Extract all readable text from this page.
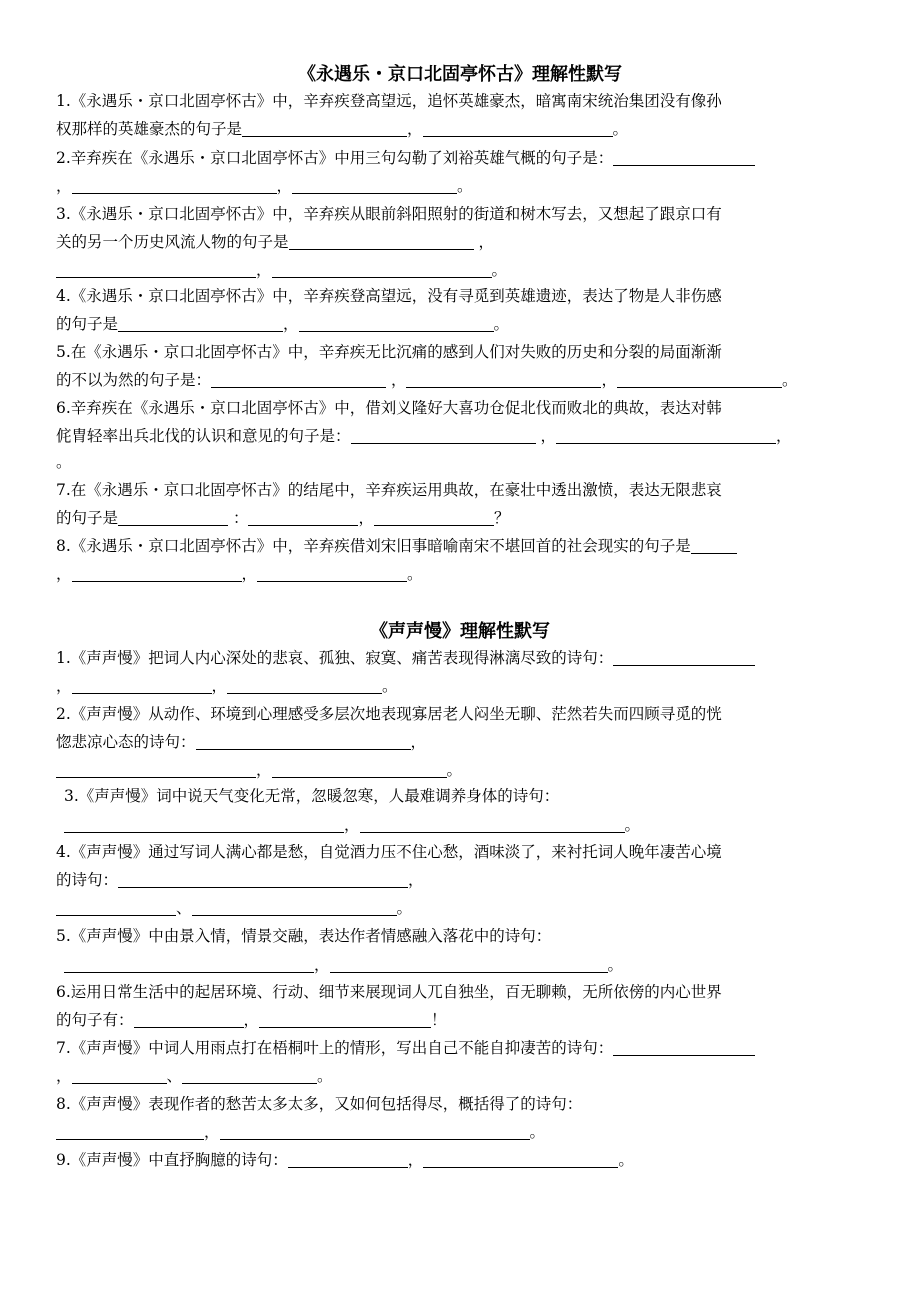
《永遇乐・京口北固亭怀古》理解性默写
1.《永遇乐・京口北固亭怀古》中，辛弃疾登高望远，追怀英雄豪杰，暗寓南宋统治集团没有像孙
权那样的英雄豪杰的句子是	，	。
2.辛弃疾在《永遇乐・京口北固亭怀古》中用三句勾勒了刘裕英雄气概的句子是：
，	，	。
3.《永遇乐・京口北固亭怀古》中，辛弃疾从眼前斜阳照射的街道和树木写去，又想起了跟京口有
关的另一个历史风流人物的句子是	，
，	。
4.《永遇乐・京口北固亭怀古》中，辛弃疾登高望远，没有寻觅到英雄遗迹，表达了物是人非伤感
的句子是	，	。
5.在《永遇乐・京口北固亭怀古》中，辛弃疾无比沉痛的感到人们对失败的历史和分裂的局面渐渐
的不以为然的句子是：	，	，	。
6.辛弃疾在《永遇乐・京口北固亭怀古》中，借刘义隆好大喜功仓促北伐而败北的典故，表达对韩
侂胄轻率出兵北伐的认识和意见的句子是：	，	，
。
7.在《永遇乐・京口北固亭怀古》的结尾中，辛弃疾运用典故，在豪壮中透出激愤，表达无限悲哀
的句子是	：	，	？
8.《永遇乐・京口北固亭怀古》中，辛弃疾借刘宋旧事暗喻南宋不堪回首的社会现实的句子是
，	，	。
《声声慢》理解性默写
1.《声声慢》把词人内心深处的悲哀、孤独、寂寞、痛苦表现得淋漓尽致的诗句：
，	，	。
2.《声声慢》从动作、环境到心理感受多层次地表现寡居老人闷坐无聊、茫然若失而四顾寻觅的恍
惚悲凉心态的诗句：	，
，	。
3.《声声慢》词中说天气变化无常，忽暖忽寒，人最难调养身体的诗句：
，	。
4.《声声慢》通过写词人满心都是愁，自觉酒力压不住心愁，酒味淡了，来衬托词人晚年凄苦心境
的诗句：	，
、	。
5.《声声慢》中由景入情，情景交融，表达作者情感融入落花中的诗句：
，	。
6.运用日常生活中的起居环境、行动、细节来展现词人兀自独坐，百无聊赖，无所依傍的内心世界
的句子有：	，	！
7.《声声慢》中词人用雨点打在梧桐叶上的情形，写出自己不能自抑凄苦的诗句：
，	、	。
8.《声声慢》表现作者的愁苦太多太多，又如何包括得尽，概括得了的诗句：
，	。
9.《声声慢》中直抒胸臆的诗句：	，	。
